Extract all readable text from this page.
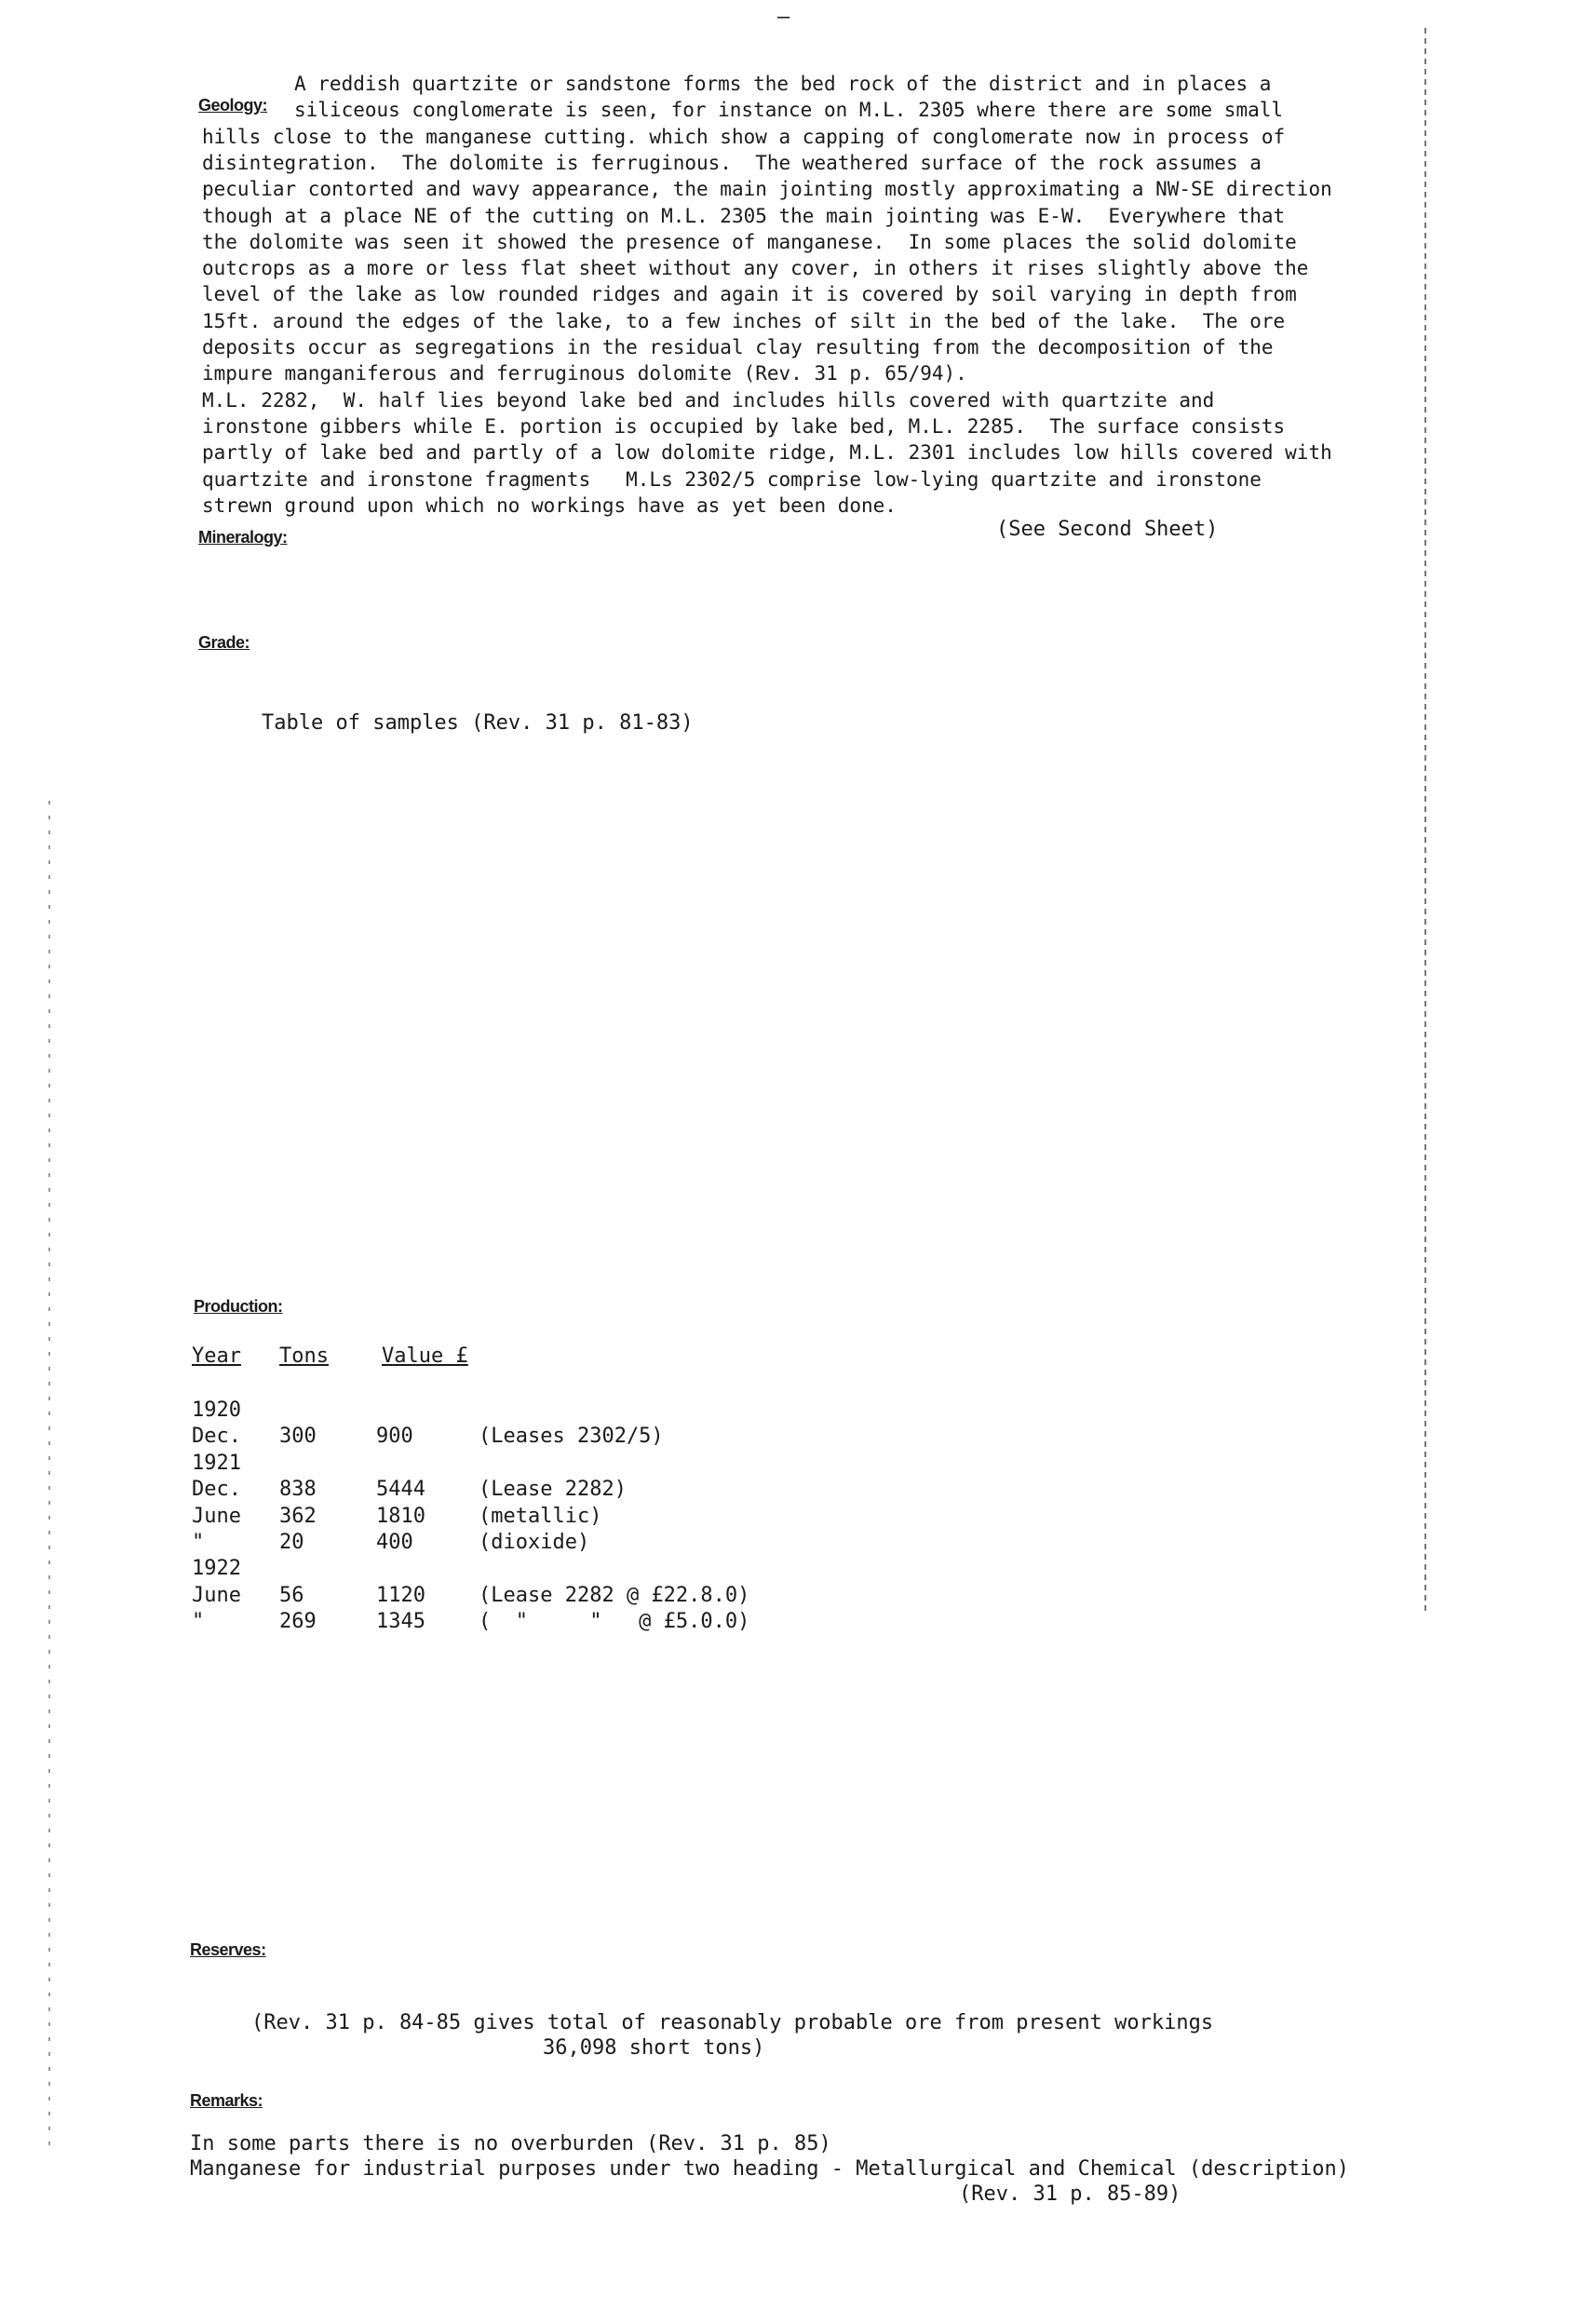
—
Geology:
A reddish quartzite or sandstone forms the bed rock of the district and in places a
siliceous conglomerate is seen, for instance on M.L. 2305 where there are some small
hills close to the manganese cutting. which show a capping of conglomerate now in process of
disintegration.  The dolomite is ferruginous.  The weathered surface of the rock assumes a
peculiar contorted and wavy appearance, the main jointing mostly approximating a NW-SE direction
though at a place NE of the cutting on M.L. 2305 the main jointing was E-W.  Everywhere that
the dolomite was seen it showed the presence of manganese.  In some places the solid dolomite
outcrops as a more or less flat sheet without any cover, in others it rises slightly above the
level of the lake as low rounded ridges and again it is covered by soil varying in depth from
15ft. around the edges of the lake, to a few inches of silt in the bed of the lake.  The ore
deposits occur as segregations in the residual clay resulting from the decomposition of the
impure manganiferous and ferruginous dolomite (Rev. 31 p. 65/94).
M.L. 2282,  W. half lies beyond lake bed and includes hills covered with quartzite and
ironstone gibbers while E. portion is occupied by lake bed, M.L. 2285.  The surface consists
partly of lake bed and partly of a low dolomite ridge, M.L. 2301 includes low hills covered with
quartzite and ironstone fragments   M.Ls 2302/5 comprise low-lying quartzite and ironstone
strewn ground upon which no workings have as yet been done.
(See Second Sheet)
Mineralogy:
Grade:
Table of samples (Rev. 31 p. 81-83)
Production:
Year Tons	Value £
1920
Dec. 300	900	(Leases 2302/5)
1921
Dec. 838	5444	(Lease 2282)
June 362	1810	(metallic)
"	20	400	(dioxide)
1922
June 56	1120	(Lease 2282 @ £22.8.0)
"	269	1345	(  "     "   @ £5.0.0)
Reserves:
(Rev. 31 p. 84-85 gives total of reasonably probable ore from present workings
36,098 short tons)
Remarks:
In some parts there is no overburden (Rev. 31 p. 85)
Manganese for industrial purposes under two heading - Metallurgical and Chemical (description)
(Rev. 31 p. 85-89)
